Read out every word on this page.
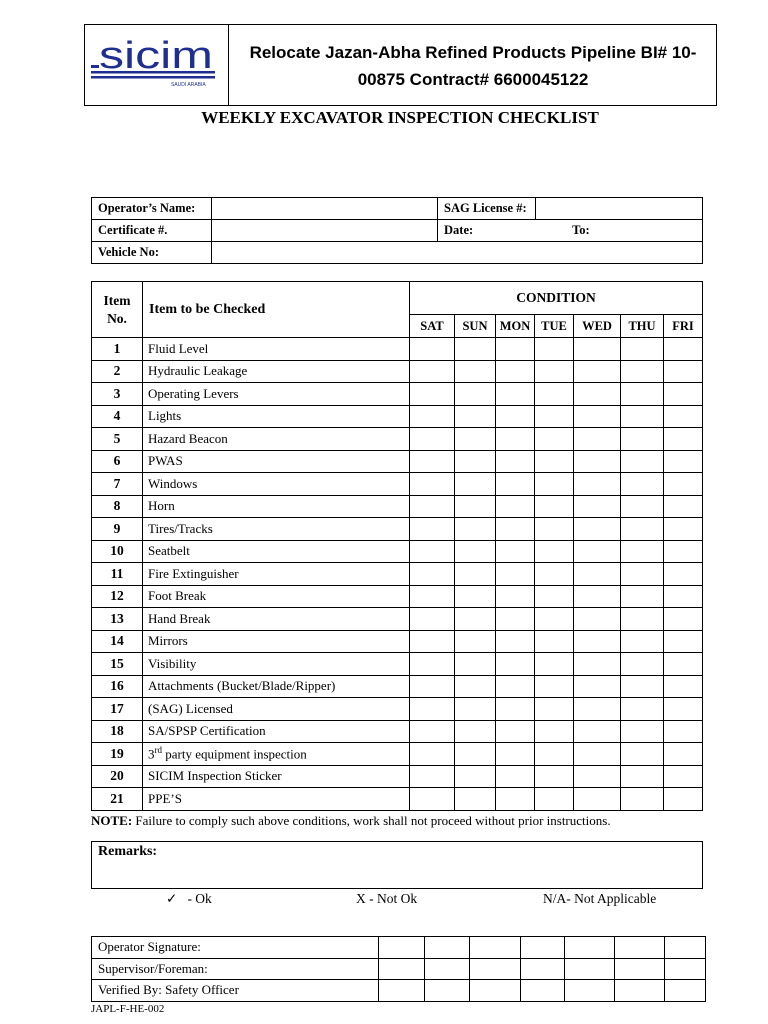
sicim
SAUDI ARABIA
Relocate Jazan-Abha Refined Products Pipeline BI# 10-
00875 Contract# 6600045122
WEEKLY EXCAVATOR INSPECTION CHECKLIST
Operator’s Name:		SAG License #:	
Certificate #.		Date: To:	
Vehicle No:			
Item
No.	Item to be Checked	CONDITION						
		SAT	SUN	MON	TUE	WED	THU	FRI
1	Fluid Level							
2	Hydraulic Leakage							
3	Operating Levers							
4	Lights							
5	Hazard Beacon							
6	PWAS							
7	Windows							
8	Horn							
9	Tires/Tracks							
10	Seatbelt							
11	Fire Extinguisher							
12	Foot Break							
13	Hand Break							
14	Mirrors							
15	Visibility							
16	Attachments (Bucket/Blade/Ripper)							
17	(SAG) Licensed							
18	SA/SPSP Certification							
19	3rd party equipment inspection							
20	SICIM Inspection Sticker							
21	PPE’S							
NOTE: Failure to comply such above conditions, work shall not proceed without prior instructions.
Remarks:
✓ - Ok	X - Not Ok	N/A- Not Applicable
Operator Signature:							
Supervisor/Foreman:							
Verified By: Safety Officer							
JAPL-F-HE-002
